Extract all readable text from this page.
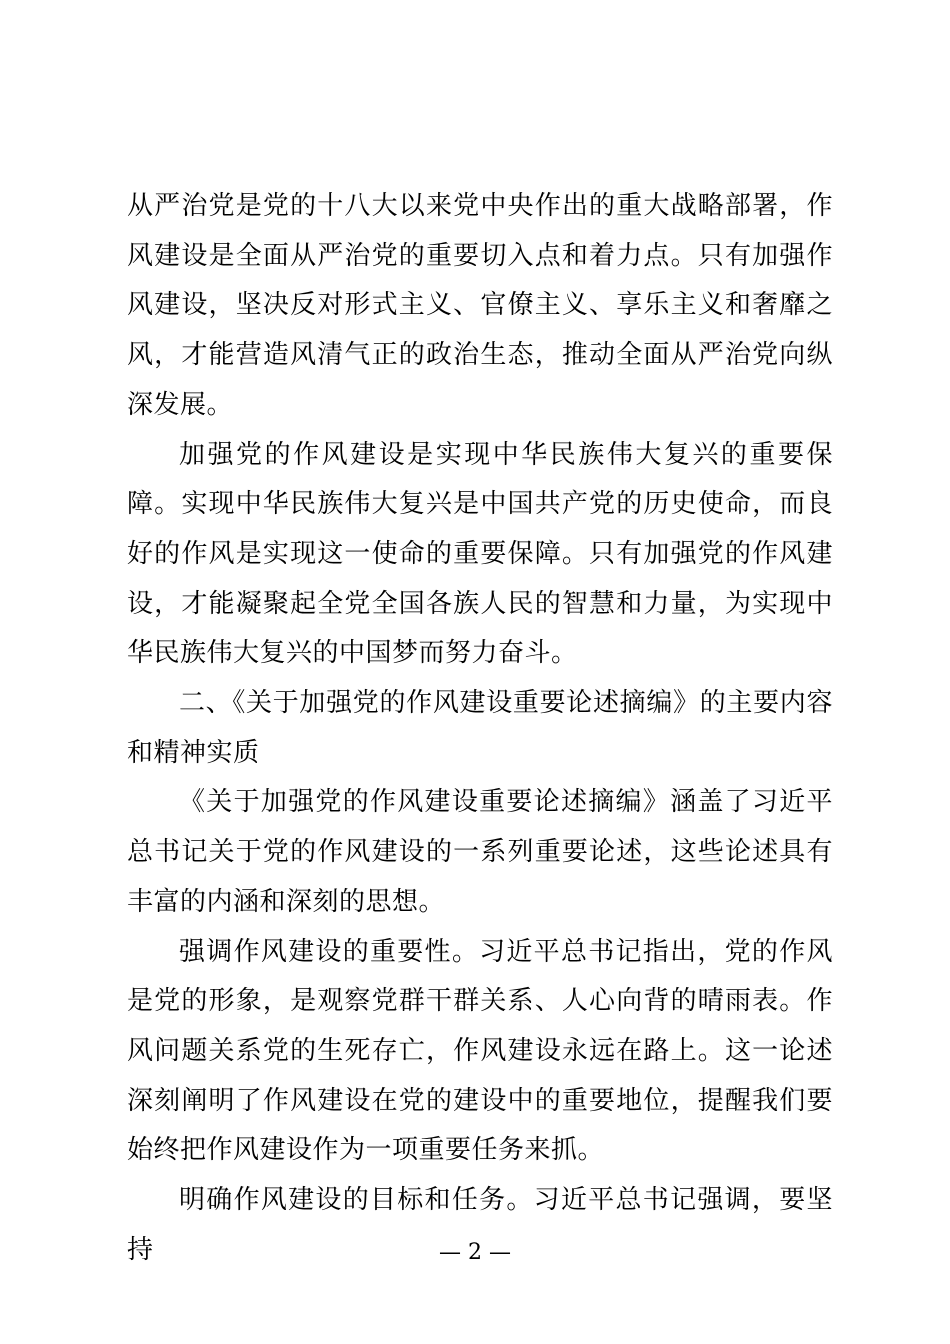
从严治党是党的十八大以来党中央作出的重大战略部署，作风建设是全面从严治党的重要切入点和着力点。只有加强作风建设，坚决反对形式主义、官僚主义、享乐主义和奢靡之风，才能营造风清气正的政治生态，推动全面从严治党向纵深发展。

加强党的作风建设是实现中华民族伟大复兴的重要保障。实现中华民族伟大复兴是中国共产党的历史使命，而良好的作风是实现这一使命的重要保障。只有加强党的作风建设，才能凝聚起全党全国各族人民的智慧和力量，为实现中华民族伟大复兴的中国梦而努力奋斗。

二、《关于加强党的作风建设重要论述摘编》的主要内容和精神实质

《关于加强党的作风建设重要论述摘编》涵盖了习近平总书记关于党的作风建设的一系列重要论述，这些论述具有丰富的内涵和深刻的思想。

强调作风建设的重要性。习近平总书记指出，党的作风是党的形象，是观察党群干群关系、人心向背的晴雨表。作风问题关系党的生死存亡，作风建设永远在路上。这一论述深刻阐明了作风建设在党的建设中的重要地位，提醒我们要始终把作风建设作为一项重要任务来抓。

明确作风建设的目标和任务。习近平总书记强调，要坚持	— 2 —
